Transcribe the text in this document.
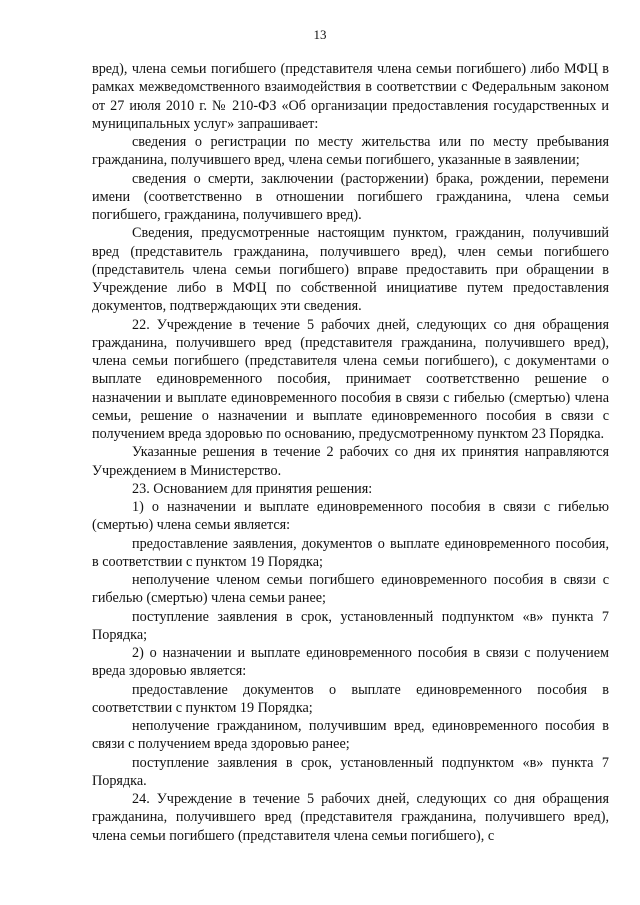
13

вред), члена семьи погибшего (представителя члена семьи погибшего) либо МФЦ в рамках межведомственного взаимодействия в соответствии с Федеральным законом от 27 июля 2010 г. № 210-ФЗ «Об организации предоставления государственных и муниципальных услуг» запрашивает:

сведения о регистрации по месту жительства или по месту пребывания гражданина, получившего вред, члена семьи погибшего, указанные в заявлении;

сведения о смерти, заключении (расторжении) брака, рождении, перемени имени (соответственно в отношении погибшего гражданина, члена семьи погибшего, гражданина, получившего вред).

Сведения, предусмотренные настоящим пунктом, гражданин, получивший вред (представитель гражданина, получившего вред), член семьи погибшего (представитель члена семьи погибшего) вправе предоставить при обращении в Учреждение либо в МФЦ по собственной инициативе путем предоставления документов, подтверждающих эти сведения.

22. Учреждение в течение 5 рабочих дней, следующих со дня обращения гражданина, получившего вред (представителя гражданина, получившего вред), члена семьи погибшего (представителя члена семьи погибшего), с документами о выплате единовременного пособия, принимает соответственно решение о назначении и выплате единовременного пособия в связи с гибелью (смертью) члена семьи, решение о назначении и выплате единовременного пособия в связи с получением вреда здоровью по основанию, предусмотренному пунктом 23 Порядка.

Указанные решения в течение 2 рабочих со дня их принятия направляются Учреждением в Министерство.

23. Основанием для принятия решения:

1) о назначении и выплате единовременного пособия в связи с гибелью (смертью) члена семьи является:

предоставление заявления, документов о выплате единовременного пособия, в соответствии с пунктом 19 Порядка;

неполучение членом семьи погибшего единовременного пособия в связи с гибелью (смертью) члена семьи ранее;

поступление заявления в срок, установленный подпунктом «в» пункта 7 Порядка;

2) о назначении и выплате единовременного пособия в связи с получением вреда здоровью является:

предоставление документов о выплате единовременного пособия в соответствии с пунктом 19 Порядка;

неполучение гражданином, получившим вред, единовременного пособия в связи с получением вреда здоровью ранее;

поступление заявления в срок, установленный подпунктом «в» пункта 7 Порядка.

24. Учреждение в течение 5 рабочих дней, следующих со дня обращения гражданина, получившего вред (представителя гражданина, получившего вред), члена семьи погибшего (представителя члена семьи погибшего), с
